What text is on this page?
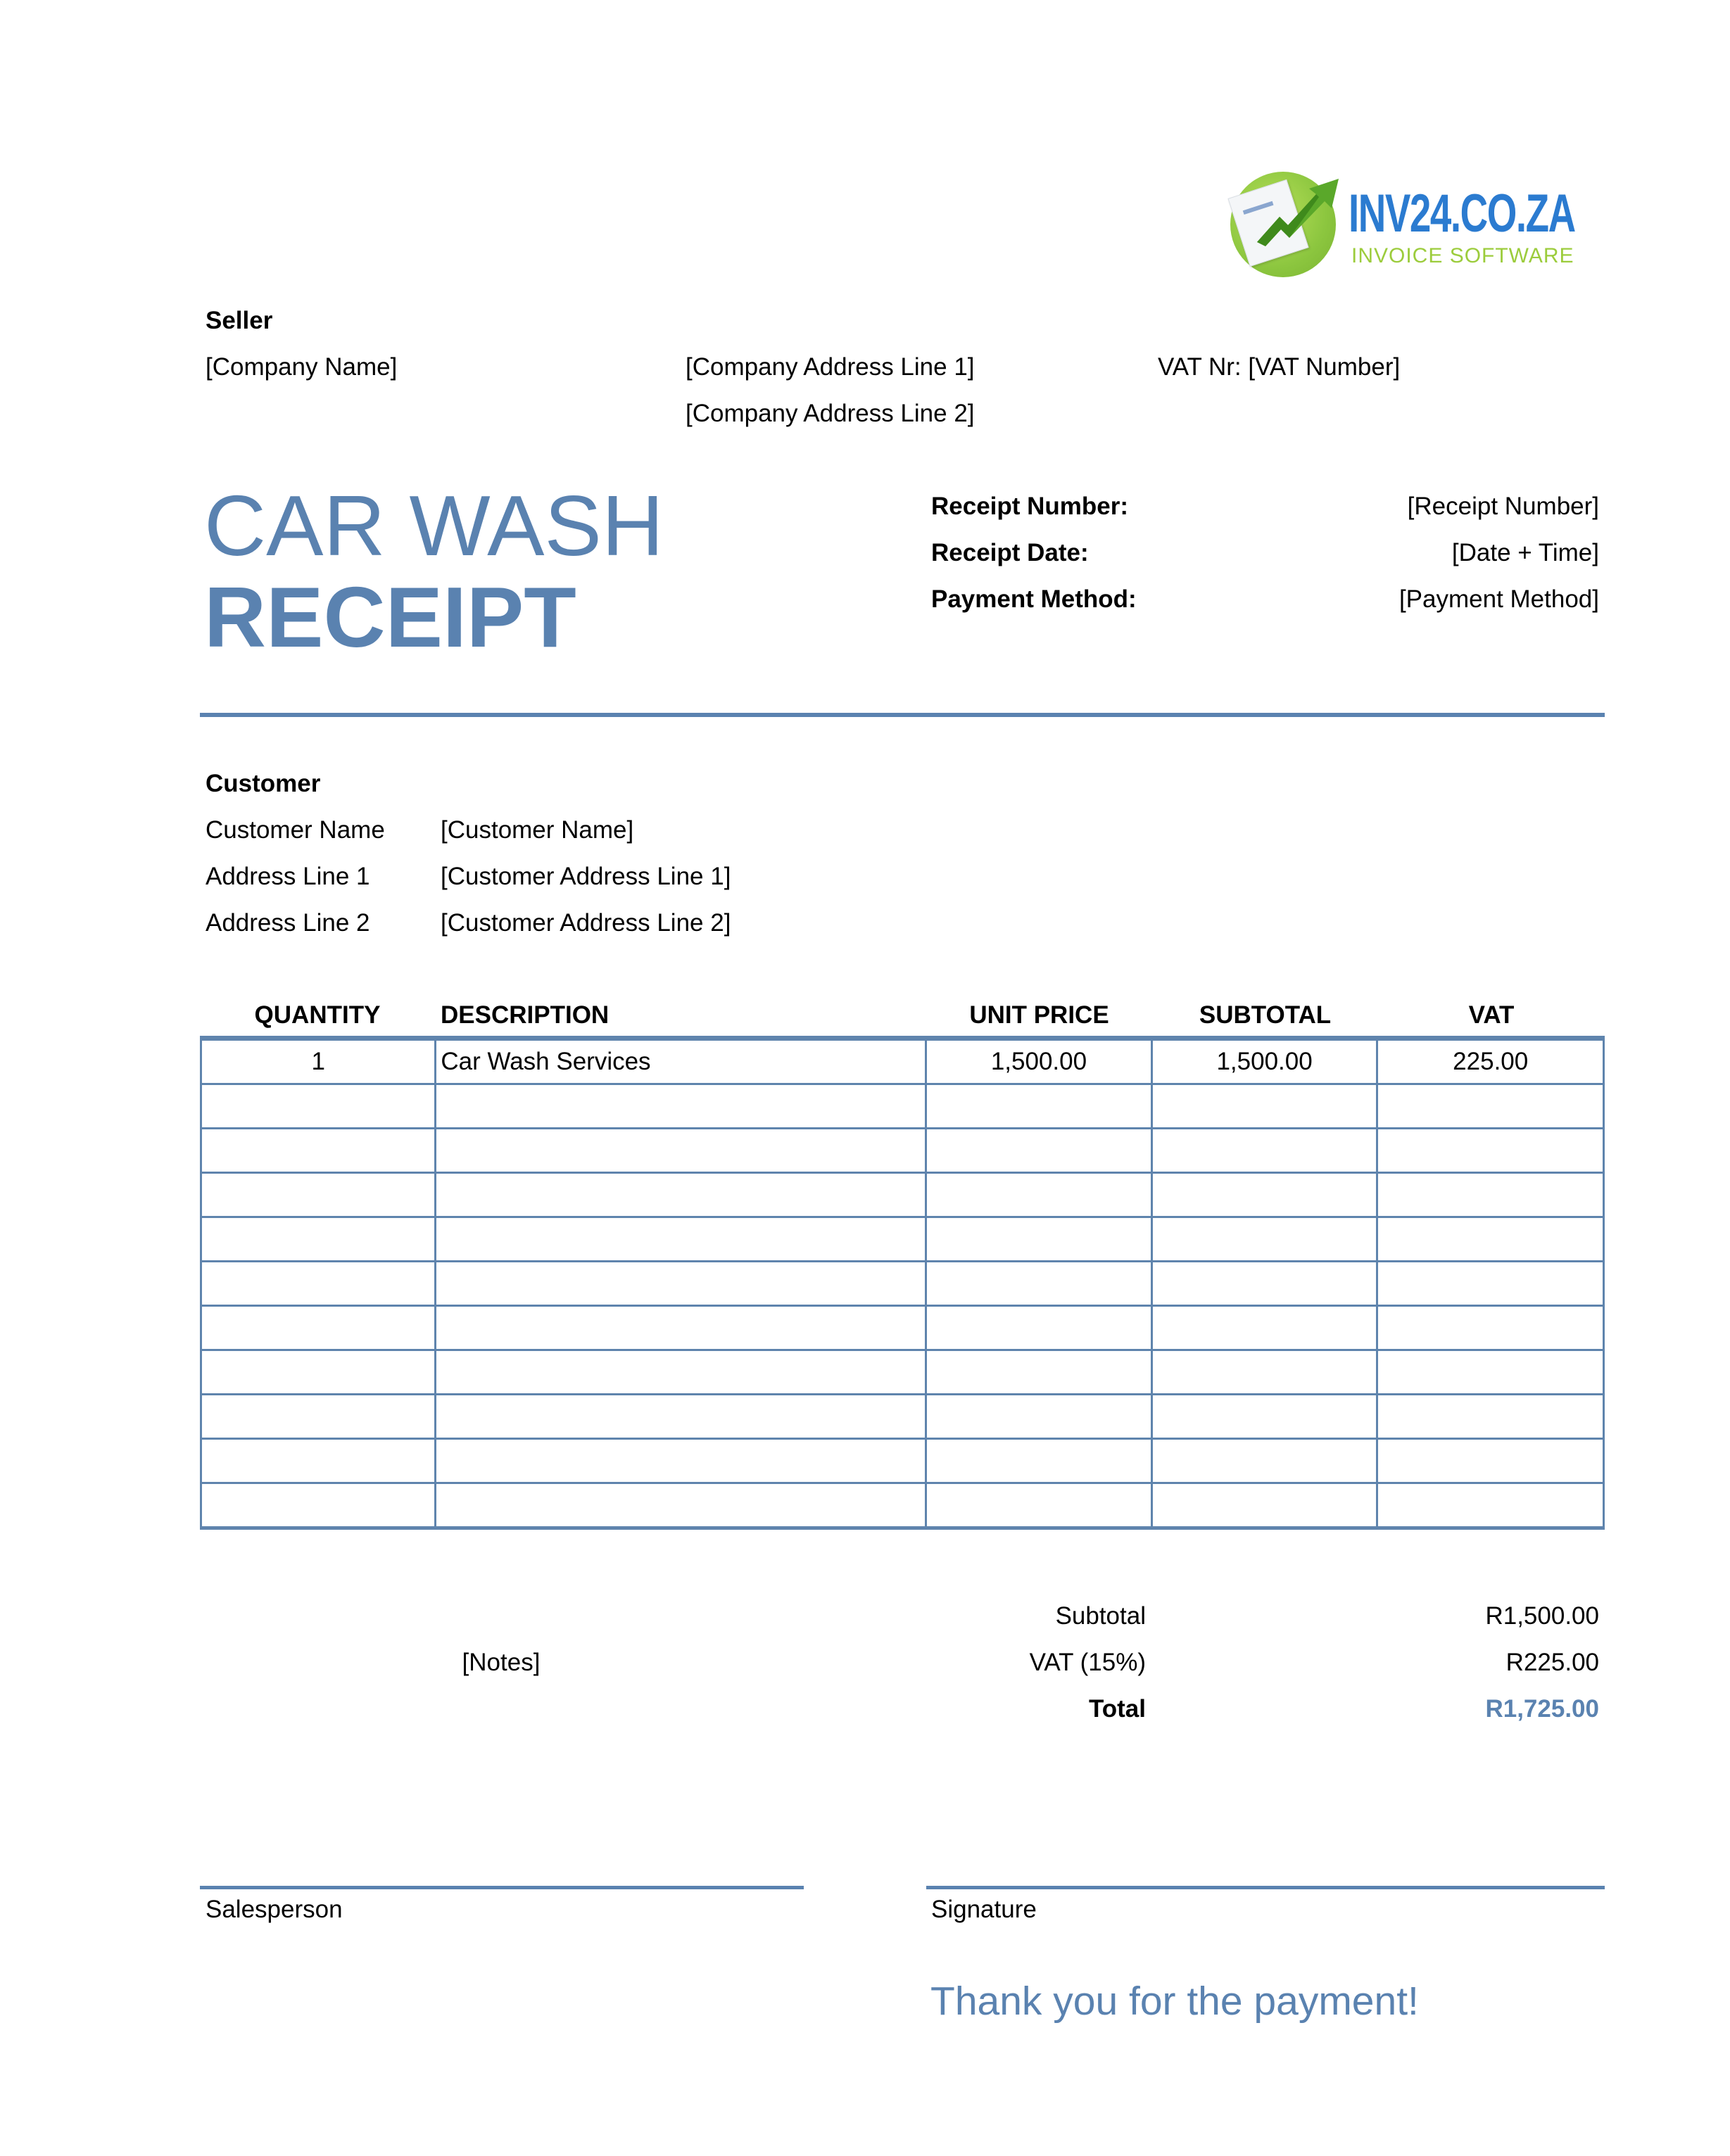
INV24.CO.ZA
INVOICE SOFTWARE
Seller
[Company Name]	[Company Address Line 1]
[Company Address Line 2]
VAT Nr: [VAT Number]
CAR WASH
RECEIPT
Receipt Number:	[Receipt Number]
Receipt Date:	[Date + Time]
Payment Method:	[Payment Method]
Customer
Customer Name [Customer Name]
Address Line 1	[Customer Address Line 1]
Address Line 2	[Customer Address Line 2]
QUANTITY	DESCRIPTION	UNIT PRICE	SUBTOTAL	VAT
1	Car Wash Services	1,500.00	1,500.00	225.00

[Notes]
Subtotal	R1,500.00
VAT (15%)	R225.00
Total	R1,725.00
Salesperson	Signature
Thank you for the payment!
